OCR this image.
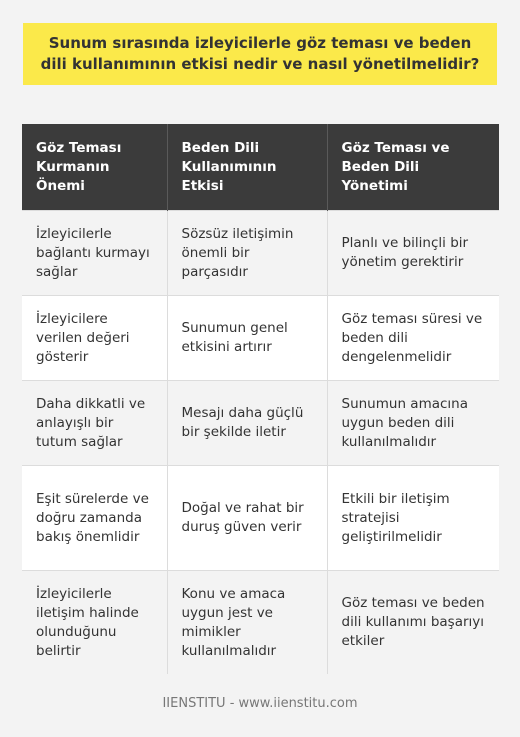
Sunum sırasında izleyicilerle göz teması ve beden dili kullanımının etkisi nedir ve nasıl yönetilmelidir?
Göz Teması Kurmanın Önemi	Beden Dili Kullanımının Etkisi	Göz Teması ve Beden Dili Yönetimi
İzleyicilerle bağlantı kurmayı sağlar	Sözsüz iletişimin önemli bir parçasıdır	Planlı ve bilinçli bir yönetim gerektirir
İzleyicilere verilen değeri gösterir	Sunumun genel etkisini artırır	Göz teması süresi ve beden dili dengelenmelidir
Daha dikkatli ve anlayışlı bir tutum sağlar	Mesajı daha güçlü bir şekilde iletir	Sunumun amacına uygun beden dili kullanılmalıdır
Eşit sürelerde ve doğru zamanda bakış önemlidir	Doğal ve rahat bir duruş güven verir	Etkili bir iletişim stratejisi geliştirilmelidir
İzleyicilerle iletişim halinde olunduğunu belirtir	Konu ve amaca uygun jest ve mimikler kullanılmalıdır	Göz teması ve beden dili kullanımı başarıyı etkiler
IIENSTITU - www.iienstitu.com
